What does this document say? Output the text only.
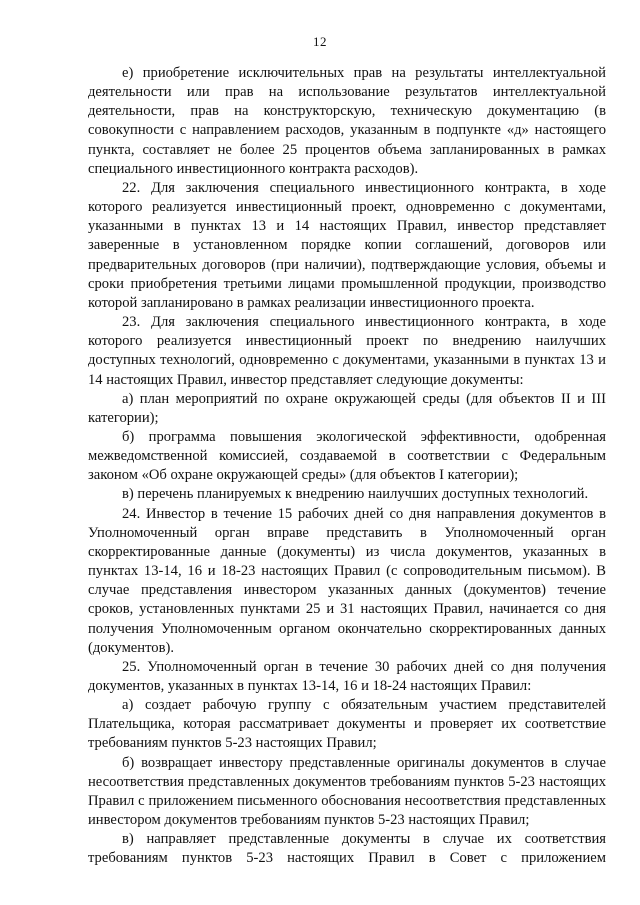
12

е) приобретение исключительных прав на результаты интеллектуальной деятельности или прав на использование результатов интеллектуальной деятельности, прав на конструкторскую, техническую документацию (в совокупности с направлением расходов, указанным в подпункте «д» настоящего пункта, составляет не более 25 процентов объема запланированных в рамках специального инвестиционного контракта расходов).

22. Для заключения специального инвестиционного контракта, в ходе которого реализуется инвестиционный проект, одновременно с документами, указанными в пунктах 13 и 14 настоящих Правил, инвестор представляет заверенные в установленном порядке копии соглашений, договоров или предварительных договоров (при наличии), подтверждающие условия, объемы и сроки приобретения третьими лицами промышленной продукции, производство которой запланировано в рамках реализации инвестиционного проекта.

23. Для заключения специального инвестиционного контракта, в ходе которого реализуется инвестиционный проект по внедрению наилучших доступных технологий, одновременно с документами, указанными в пунктах 13 и 14 настоящих Правил, инвестор представляет следующие документы:

а) план мероприятий по охране окружающей среды (для объектов II и III категории);

б) программа повышения экологической эффективности, одобренная межведомственной комиссией, создаваемой в соответствии с Федеральным законом «Об охране окружающей среды» (для объектов I категории);

в) перечень планируемых к внедрению наилучших доступных технологий.

24. Инвестор в течение 15 рабочих дней со дня направления документов в Уполномоченный орган вправе представить в Уполномоченный орган скорректированные данные (документы) из числа документов, указанных в пунктах 13-14, 16 и 18-23 настоящих Правил (с сопроводительным письмом). В случае представления инвестором указанных данных (документов) течение сроков, установленных пунктами 25 и 31 настоящих Правил, начинается со дня получения Уполномоченным органом окончательно скорректированных данных (документов).

25. Уполномоченный орган в течение 30 рабочих дней со дня получения документов, указанных в пунктах 13-14, 16 и 18-24 настоящих Правил:

а) создает рабочую группу с обязательным участием представителей Плательщика, которая рассматривает документы и проверяет их соответствие требованиям пунктов 5-23 настоящих Правил;

б) возвращает инвестору представленные оригиналы документов в случае несоответствия представленных документов требованиям пунктов 5-23 настоящих Правил с приложением письменного обоснования несоответствия представленных инвестором документов требованиям пунктов 5-23 настоящих Правил;

в) направляет представленные документы в случае их соответствия требованиям пунктов 5-23 настоящих Правил в Совет с приложением
